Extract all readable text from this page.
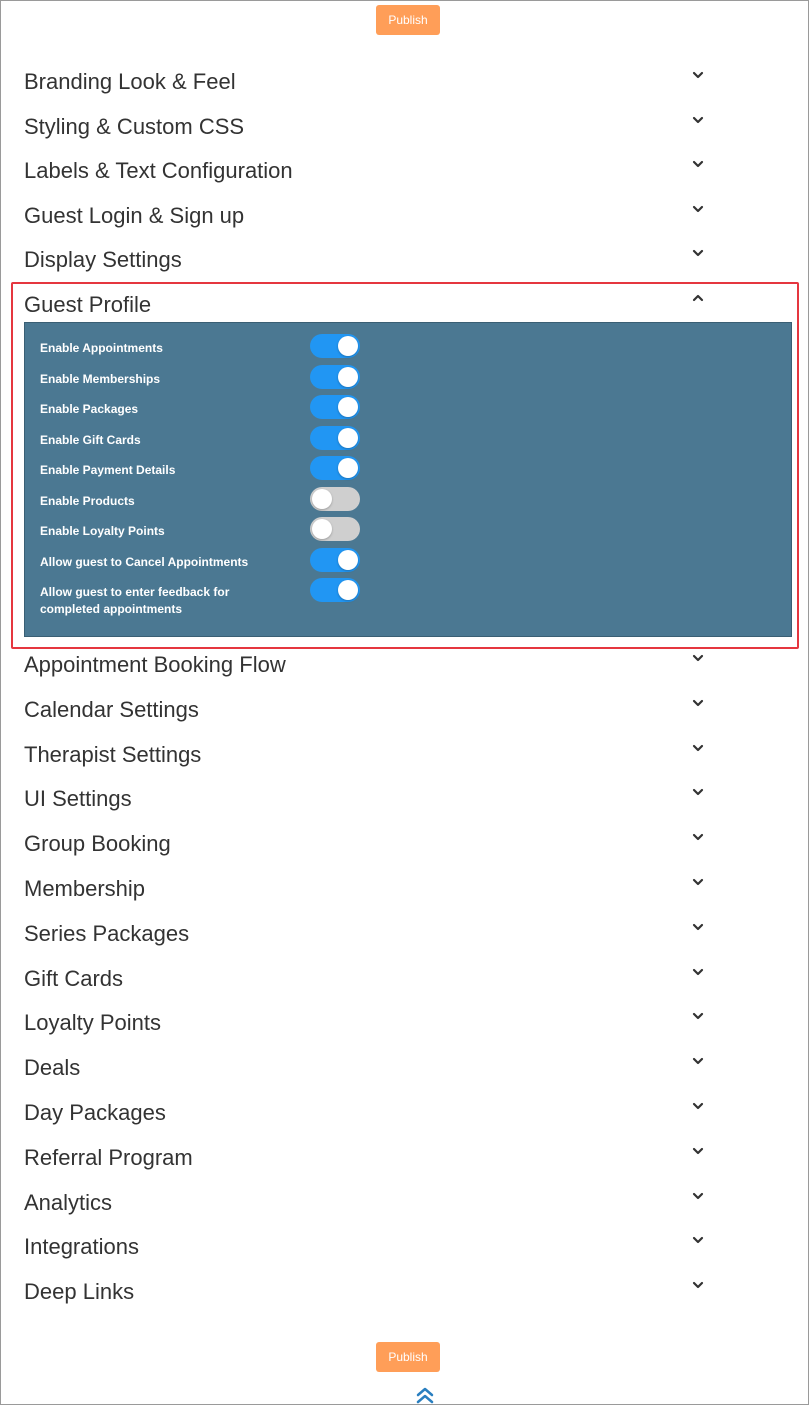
Publish
Branding Look & Feel
Styling & Custom CSS
Labels & Text Configuration
Guest Login & Sign up
Display Settings
Guest Profile
Enable Appointments
Enable Memberships
Enable Packages
Enable Gift Cards
Enable Payment Details
Enable Products
Enable Loyalty Points
Allow guest to Cancel Appointments
Allow guest to enter feedback for completed appointments
Appointment Booking Flow
Calendar Settings
Therapist Settings
UI Settings
Group Booking
Membership
Series Packages
Gift Cards
Loyalty Points
Deals
Day Packages
Referral Program
Analytics
Integrations
Deep Links
Publish
